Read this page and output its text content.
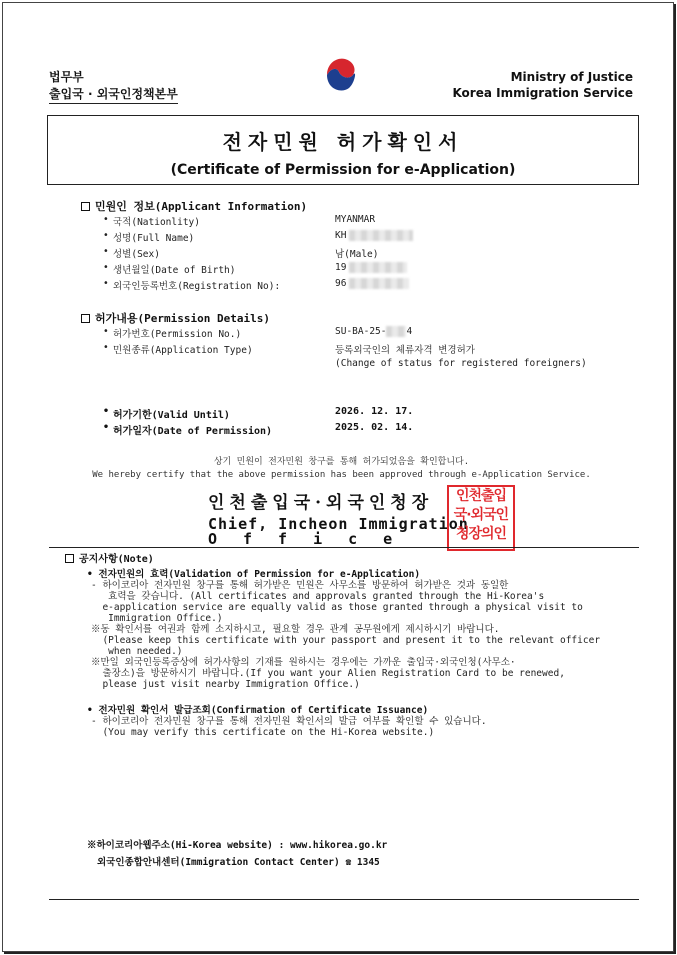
법무부
출입국 · 외국인정책본부
Ministry of Justice
Korea Immigration Service
전자민원 허가확인서
(Certificate of Permission for e-Application)
민원인 정보(Applicant Information)
• 국적(Nationlity)	MYANMAR
• 성명(Full Name)	KH
• 성별(Sex)	남(Male)
• 생년월일(Date of Birth)	19
• 외국인등록번호(Registration No):	96
허가내용(Permission Details)
• 허가번호(Permission No.)	SU-BA-25- 4
• 민원종류(Application Type)	등록외국인의 체류자격 변경허가
(Change of status for registered foreigners)
• 허가기한(Valid Until)	2026. 12. 17.
• 허가일자(Date of Permission)	2025. 02. 14.
상기 민원이 전자민원 창구를 통해 허가되었음을 확인합니다.
We hereby certify that the above permission has been approved through e-Application Service.
인천출입국·외국인청장
Chief, Incheon Immigration
Office
인천출입
국·외국인
청장의인
공지사항(Note)
• 전자민원의 효력(Validation of Permission for e-Application)
- 하이코리아 전자민원 창구를 통해 허가받은 민원은 사무소를 방문하여 허가받은 것과 동일한
효력을 갖습니다. (All certificates and approvals granted through the Hi-Korea's
e-application service are equally valid as those granted through a physical visit to
Immigration Office.)
※동 확인서를 여권과 함께 소지하시고, 필요할 경우 관계 공무원에게 제시하시기 바랍니다.
(Please keep this certificate with your passport and present it to the relevant officer
when needed.)
※만일 외국인등록증상에 허가사항의 기재를 원하시는 경우에는 가까운 출입국·외국인청(사무소·
출장소)을 방문하시기 바랍니다.(If you want your Alien Registration Card to be renewed,
please just visit nearby Immigration Office.)
• 전자민원 확인서 발급조회(Confirmation of Certificate Issuance)
- 하이코리아 전자민원 창구를 통해 전자민원 확인서의 발급 여부를 확인할 수 있습니다.
(You may verify this certificate on the Hi-Korea website.)
※하이코리아웹주소(Hi-Korea website) : www.hikorea.go.kr
외국인종합안내센터(Immigration Contact Center) ☎ 1345
